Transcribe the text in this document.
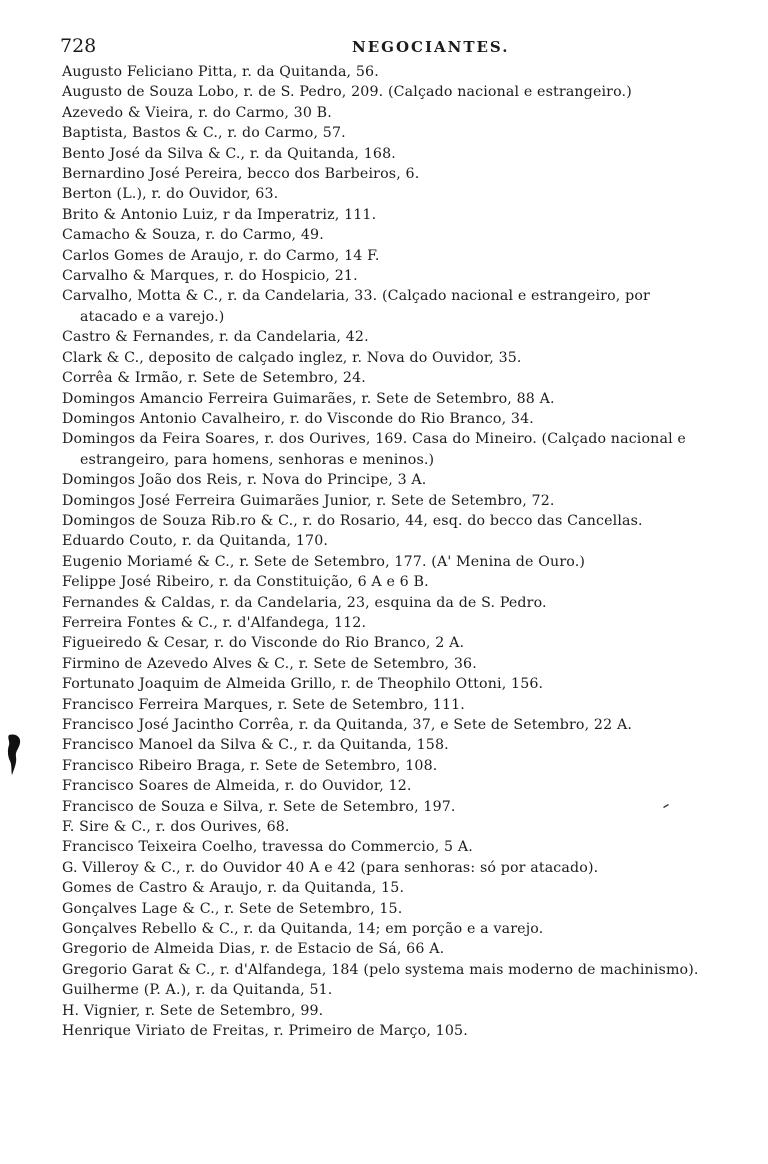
728	NEGOCIANTES.
Augusto Feliciano Pitta, r. da Quitanda, 56.
Augusto de Souza Lobo, r. de S. Pedro, 209. (Calçado nacional e estrangeiro.)
Azevedo & Vieira, r. do Carmo, 30 B.
Baptista, Bastos & C., r. do Carmo, 57.
Bento José da Silva & C., r. da Quitanda, 168.
Bernardino José Pereira, becco dos Barbeiros, 6.
Berton (L.), r. do Ouvidor, 63.
Brito & Antonio Luiz, r da Imperatriz, 111.
Camacho & Souza, r. do Carmo, 49.
Carlos Gomes de Araujo, r. do Carmo, 14 F.
Carvalho & Marques, r. do Hospicio, 21.
Carvalho, Motta & C., r. da Candelaria, 33. (Calçado nacional e estrangeiro, por atacado e a varejo.)
Castro & Fernandes, r. da Candelaria, 42.
Clark & C., deposito de calçado inglez, r. Nova do Ouvidor, 35.
Corrêa & Irmão, r. Sete de Setembro, 24.
Domingos Amancio Ferreira Guimarães, r. Sete de Setembro, 88 A.
Domingos Antonio Cavalheiro, r. do Visconde do Rio Branco, 34.
Domingos da Feira Soares, r. dos Ourives, 169. Casa do Mineiro. (Calçado nacional e estrangeiro, para homens, senhoras e meninos.)
Domingos João dos Reis, r. Nova do Principe, 3 A.
Domingos José Ferreira Guimarães Junior, r. Sete de Setembro, 72.
Domingos de Souza Rib.ro & C., r. do Rosario, 44, esq. do becco das Cancellas.
Eduardo Couto, r. da Quitanda, 170.
Eugenio Moriamé & C., r. Sete de Setembro, 177. (A' Menina de Ouro.)
Felippe José Ribeiro, r. da Constituição, 6 A e 6 B.
Fernandes & Caldas, r. da Candelaria, 23, esquina da de S. Pedro.
Ferreira Fontes & C., r. d'Alfandega, 112.
Figueiredo & Cesar, r. do Visconde do Rio Branco, 2 A.
Firmino de Azevedo Alves & C., r. Sete de Setembro, 36.
Fortunato Joaquim de Almeida Grillo, r. de Theophilo Ottoni, 156.
Francisco Ferreira Marques, r. Sete de Setembro, 111.
Francisco José Jacintho Corrêa, r. da Quitanda, 37, e Sete de Setembro, 22 A.
Francisco Manoel da Silva & C., r. da Quitanda, 158.
Francisco Ribeiro Braga, r. Sete de Setembro, 108.
Francisco Soares de Almeida, r. do Ouvidor, 12.
Francisco de Souza e Silva, r. Sete de Setembro, 197.
F. Sire & C., r. dos Ourives, 68.
Francisco Teixeira Coelho, travessa do Commercio, 5 A.
G. Villeroy & C., r. do Ouvidor 40 A e 42 (para senhoras: só por atacado).
Gomes de Castro & Araujo, r. da Quitanda, 15.
Gonçalves Lage & C., r. Sete de Setembro, 15.
Gonçalves Rebello & C., r. da Quitanda, 14; em porção e a varejo.
Gregorio de Almeida Dias, r. de Estacio de Sá, 66 A.
Gregorio Garat & C., r. d'Alfandega, 184 (pelo systema mais moderno de machinismo).
Guilherme (P. A.), r. da Quitanda, 51.
H. Vignier, r. Sete de Setembro, 99.
Henrique Viriato de Freitas, r. Primeiro de Março, 105.
